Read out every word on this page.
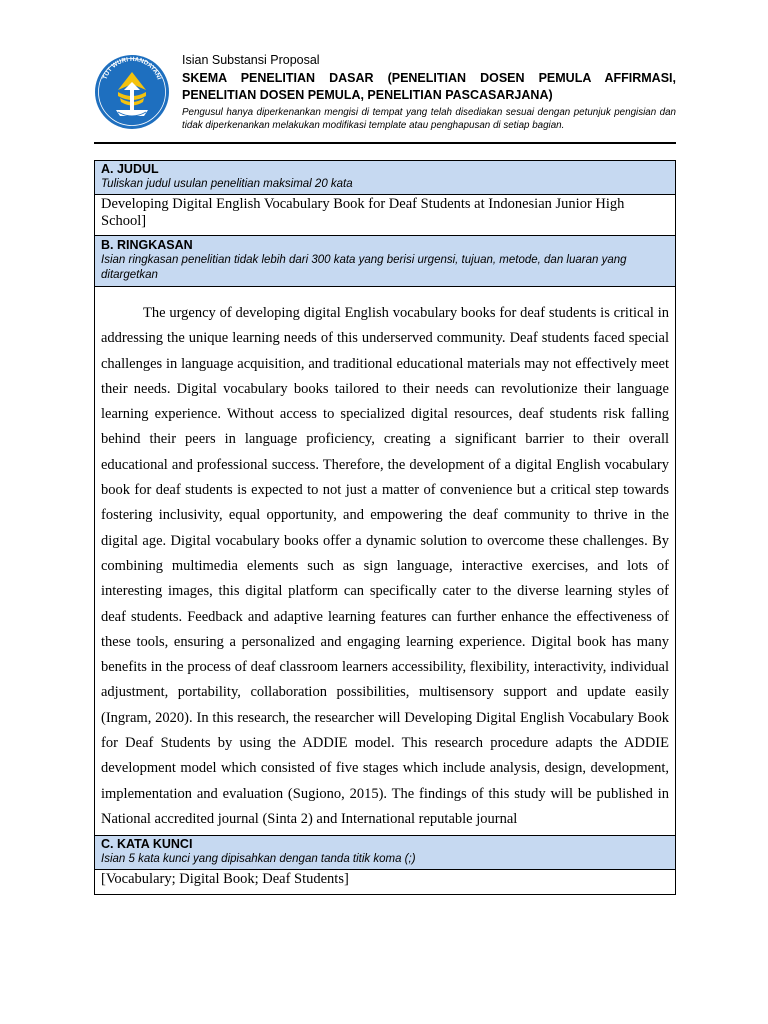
TUT WURI HANDAYANI
Isian Substansi Proposal
SKEMA PENELITIAN DASAR (PENELITIAN DOSEN PEMULA AFFIRMASI, PENELITIAN DOSEN PEMULA, PENELITIAN PASCASARJANA)
Pengusul hanya diperkenankan mengisi di tempat yang telah disediakan sesuai dengan petunjuk pengisian dan tidak diperkenankan melakukan modifikasi template atau penghapusan di setiap bagian.
A. JUDUL
Tuliskan judul usulan penelitian maksimal 20 kata

Developing Digital English Vocabulary Book for Deaf Students at Indonesian Junior High School]

B. RINGKASAN
Isian ringkasan penelitian tidak lebih dari 300 kata yang berisi urgensi, tujuan, metode, dan luaran yang ditargetkan

The urgency of developing digital English vocabulary books for deaf students is critical in addressing the unique learning needs of this underserved community. Deaf students faced special challenges in language acquisition, and traditional educational materials may not effectively meet their needs. Digital vocabulary books tailored to their needs can revolutionize their language learning experience. Without access to specialized digital resources, deaf students risk falling behind their peers in language proficiency, creating a significant barrier to their overall educational and professional success. Therefore, the development of a digital English vocabulary book for deaf students is expected to not just a matter of convenience but a critical step towards fostering inclusivity, equal opportunity, and empowering the deaf community to thrive in the digital age. Digital vocabulary books offer a dynamic solution to overcome these challenges. By combining multimedia elements such as sign language, interactive exercises, and lots of interesting images, this digital platform can specifically cater to the diverse learning styles of deaf students. Feedback and adaptive learning features can further enhance the effectiveness of these tools, ensuring a personalized and engaging learning experience. Digital book has many benefits in the process of deaf classroom learners accessibility, flexibility, interactivity, individual adjustment, portability, collaboration possibilities, multisensory support and update easily (Ingram, 2020). In this research, the researcher will Developing Digital English Vocabulary Book for Deaf Students by using the ADDIE model. This research procedure adapts the ADDIE development model which consisted of five stages which include analysis, design, development, implementation and evaluation (Sugiono, 2015). The findings of this study will be published in National accredited journal (Sinta 2) and International reputable journal

C. KATA KUNCI
Isian 5 kata kunci yang dipisahkan dengan tanda titik koma (;)

[Vocabulary; Digital Book; Deaf Students]
